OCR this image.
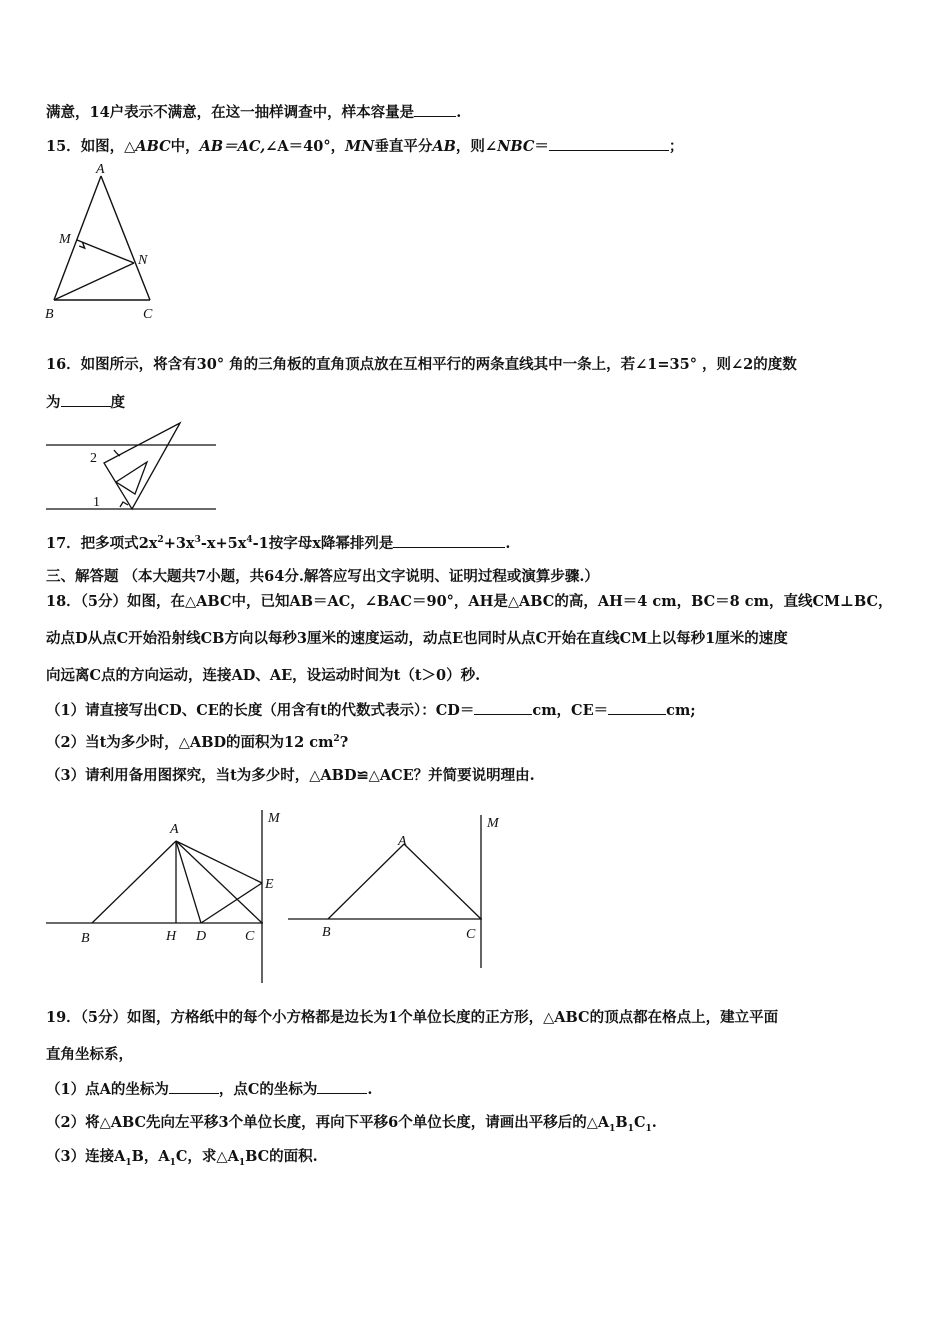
满意，14户表示不满意，在这一抽样调查中，样本容量是	.
15．如图，△ABC中，AB＝AC,∠A＝40°，MN垂直平分AB，则∠NBC＝	；
A
M
N
B	C
16．如图所示，将含有30° 角的三角板的直角顶点放在互相平行的两条直线其中一条上，若∠1=35° ，则∠2的度数
为	度
2
1
17．把多项式$2x^2+3x^3-x+5x^4-1$按字母x降幂排列是	.
三、解答题 （本大题共7小题，共64分.解答应写出文字说明、证明过程或演算步骤.）
18．（5分）如图，在△ABC中，已知AB＝AC，∠BAC＝90°，AH是△ABC的高，AH＝4 cm，BC＝8 cm，直线CM⊥BC，
动点D从点C开始沿射线CB方向以每秒3厘米的速度运动，动点E也同时从点C开始在直线CM上以每秒1厘米的速度
向远离C点的方向运动，连接AD、AE，设运动时间为t（t＞0）秒.
（1）请直接写出CD、CE的长度（用含有t的代数式表示）：CD＝	cm，CE＝	cm;
（2）当t为多少时，△ABD的面积为12 $cm^2$?
（3）请利用备用图探究，当t为多少时，△ABD≌△ACE？并简要说明理由.
A
M
E
B	H D	C
A
M
B	C
19．（5分）如图，方格纸中的每个小方格都是边长为1个单位长度的正方形，△ABC的顶点都在格点上，建立平面
直角坐标系，
（1）点A的坐标为	，点C的坐标为	.
（2）将△ABC先向左平移3个单位长度，再向下平移6个单位长度，请画出平移后的$\triangle A_1B_1C_1$.
（3）连接$A_1B$，$A_1C$，求$\triangle A_1BC$的面积.
